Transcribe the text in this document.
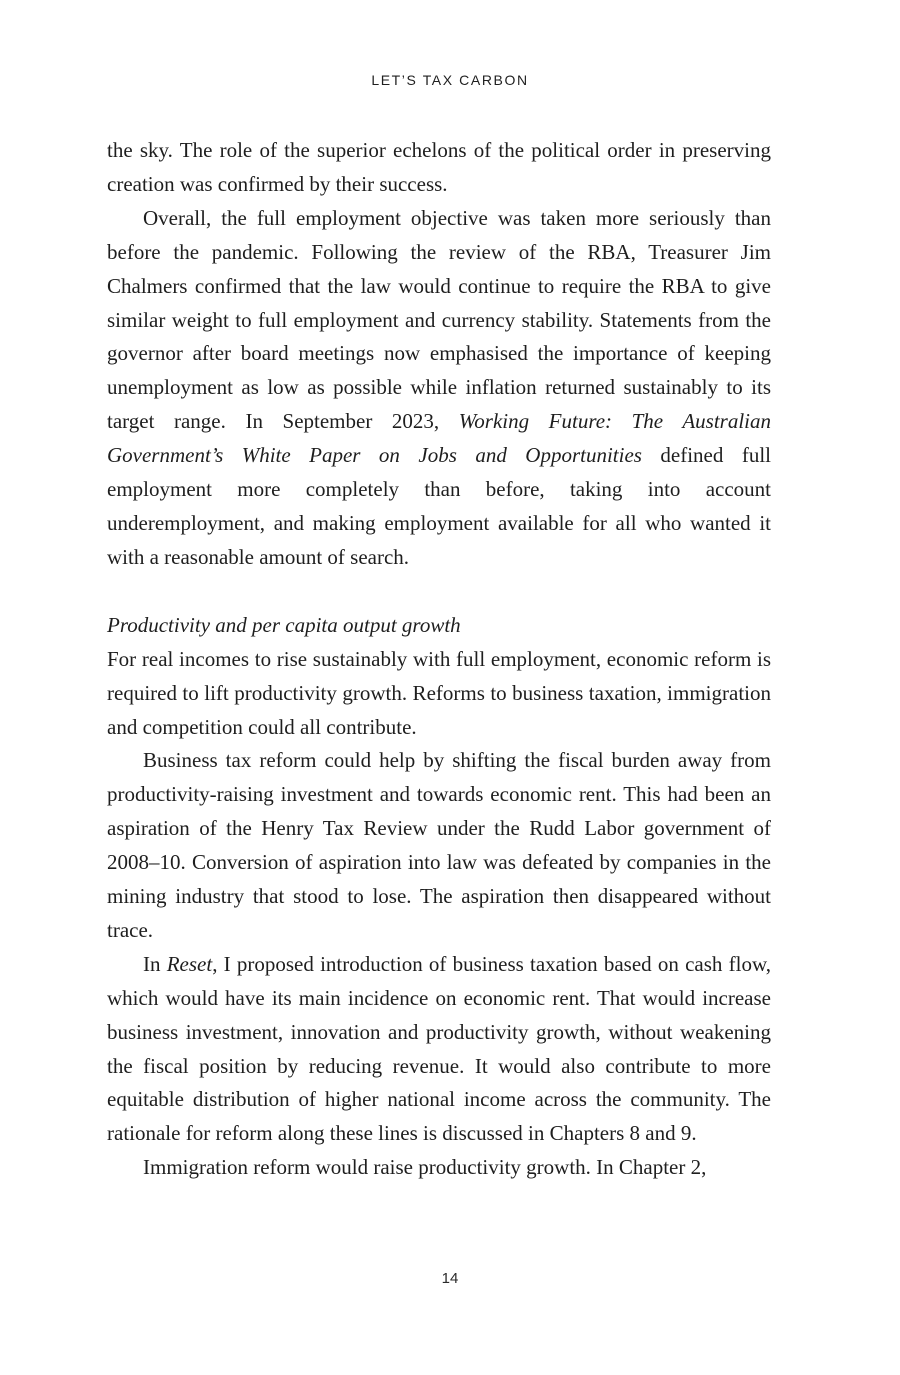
LET’S TAX CARBON

the sky. The role of the superior echelons of the political order in preserving creation was confirmed by their success.

Overall, the full employment objective was taken more seriously than before the pandemic. Following the review of the RBA, Treasurer Jim Chalmers confirmed that the law would continue to require the RBA to give similar weight to full employment and currency stability. Statements from the governor after board meetings now emphasised the importance of keeping unemployment as low as possible while inflation returned sustainably to its target range. In September 2023, Working Future: The Australian Government’s White Paper on Jobs and Opportunities defined full employment more completely than before, taking into account underemployment, and making employment available for all who wanted it with a reasonable amount of search.

Productivity and per capita output growth

For real incomes to rise sustainably with full employment, economic reform is required to lift productivity growth. Reforms to business taxation, immigration and competition could all contribute.

Business tax reform could help by shifting the fiscal burden away from productivity-raising investment and towards economic rent. This had been an aspiration of the Henry Tax Review under the Rudd Labor government of 2008–10. Conversion of aspiration into law was defeated by companies in the mining industry that stood to lose. The aspiration then disappeared without trace.

In Reset, I proposed introduction of business taxation based on cash flow, which would have its main incidence on economic rent. That would increase business investment, innovation and productivity growth, without weakening the fiscal position by reducing revenue. It would also contribute to more equitable distribution of higher national income across the community. The rationale for reform along these lines is discussed in Chapters 8 and 9.

Immigration reform would raise productivity growth. In Chapter 2,

14
